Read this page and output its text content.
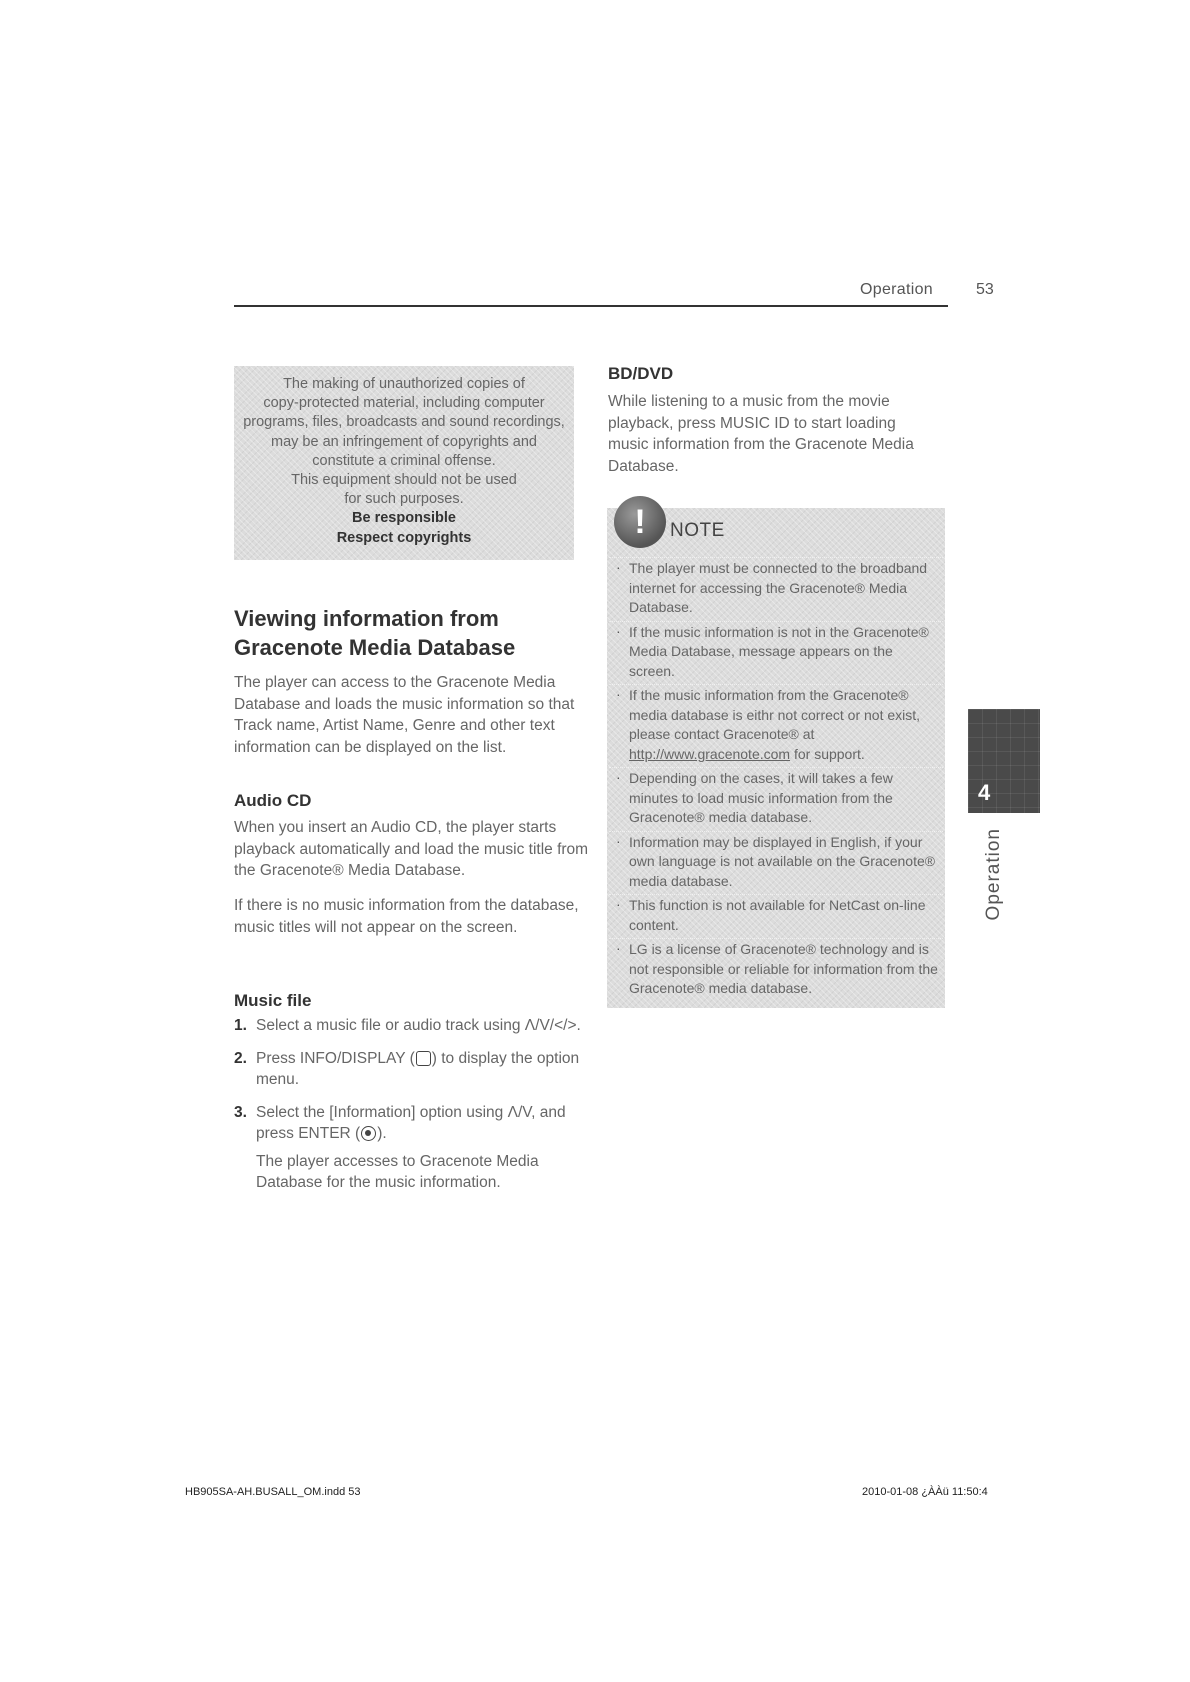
Operation	53
The making of unauthorized copies of
copy-protected material, including computer
programs, files, broadcasts and sound recordings,
may be an infringement of copyrights and
constitute a criminal offense.
This equipment should not be used
for such purposes.
Be responsible
Respect copyrights
Viewing information from
Gracenote Media Database
The player can access to the Gracenote Media Database and loads the music information so that Track name, Artist Name, Genre and other text information can be displayed on the list.
Audio CD
When you insert an Audio CD, the player starts playback automatically and load the music title from the Gracenote® Media Database.
If there is no music information from the database, music titles will not appear on the screen.
Music file
1. Select a music file or audio track using Λ/V/</>.
2. Press INFO/DISPLAY ( ) to display the option menu.
3. Select the [Information] option using Λ/V, and press ENTER ( ).
The player accesses to Gracenote Media Database for the music information.
BD/DVD
While listening to a music from the movie playback, press MUSIC ID to start loading music information from the Gracenote Media Database.
!	NOTE
· The player must be connected to the broadband internet for accessing the Gracenote® Media Database.
· If the music information is not in the Gracenote® Media Database, message appears on the screen.
· If the music information from the Gracenote® media database is eithr not correct or not exist, please contact Gracenote® at http://www.gracenote.com for support.
· Depending on the cases, it will takes a few minutes to load music information from the Gracenote® media database.
· Information may be displayed in English, if your own language is not available on the Gracenote® media database.
· This function is not available for NetCast on-line content.
· LG is a license of Gracenote® technology and is not responsible or reliable for information from the Gracenote® media database.
4
Operation
HB905SA-AH.BUSALL_OM.indd 53	2010-01-08 ¿ÀÀü 11:50:4
